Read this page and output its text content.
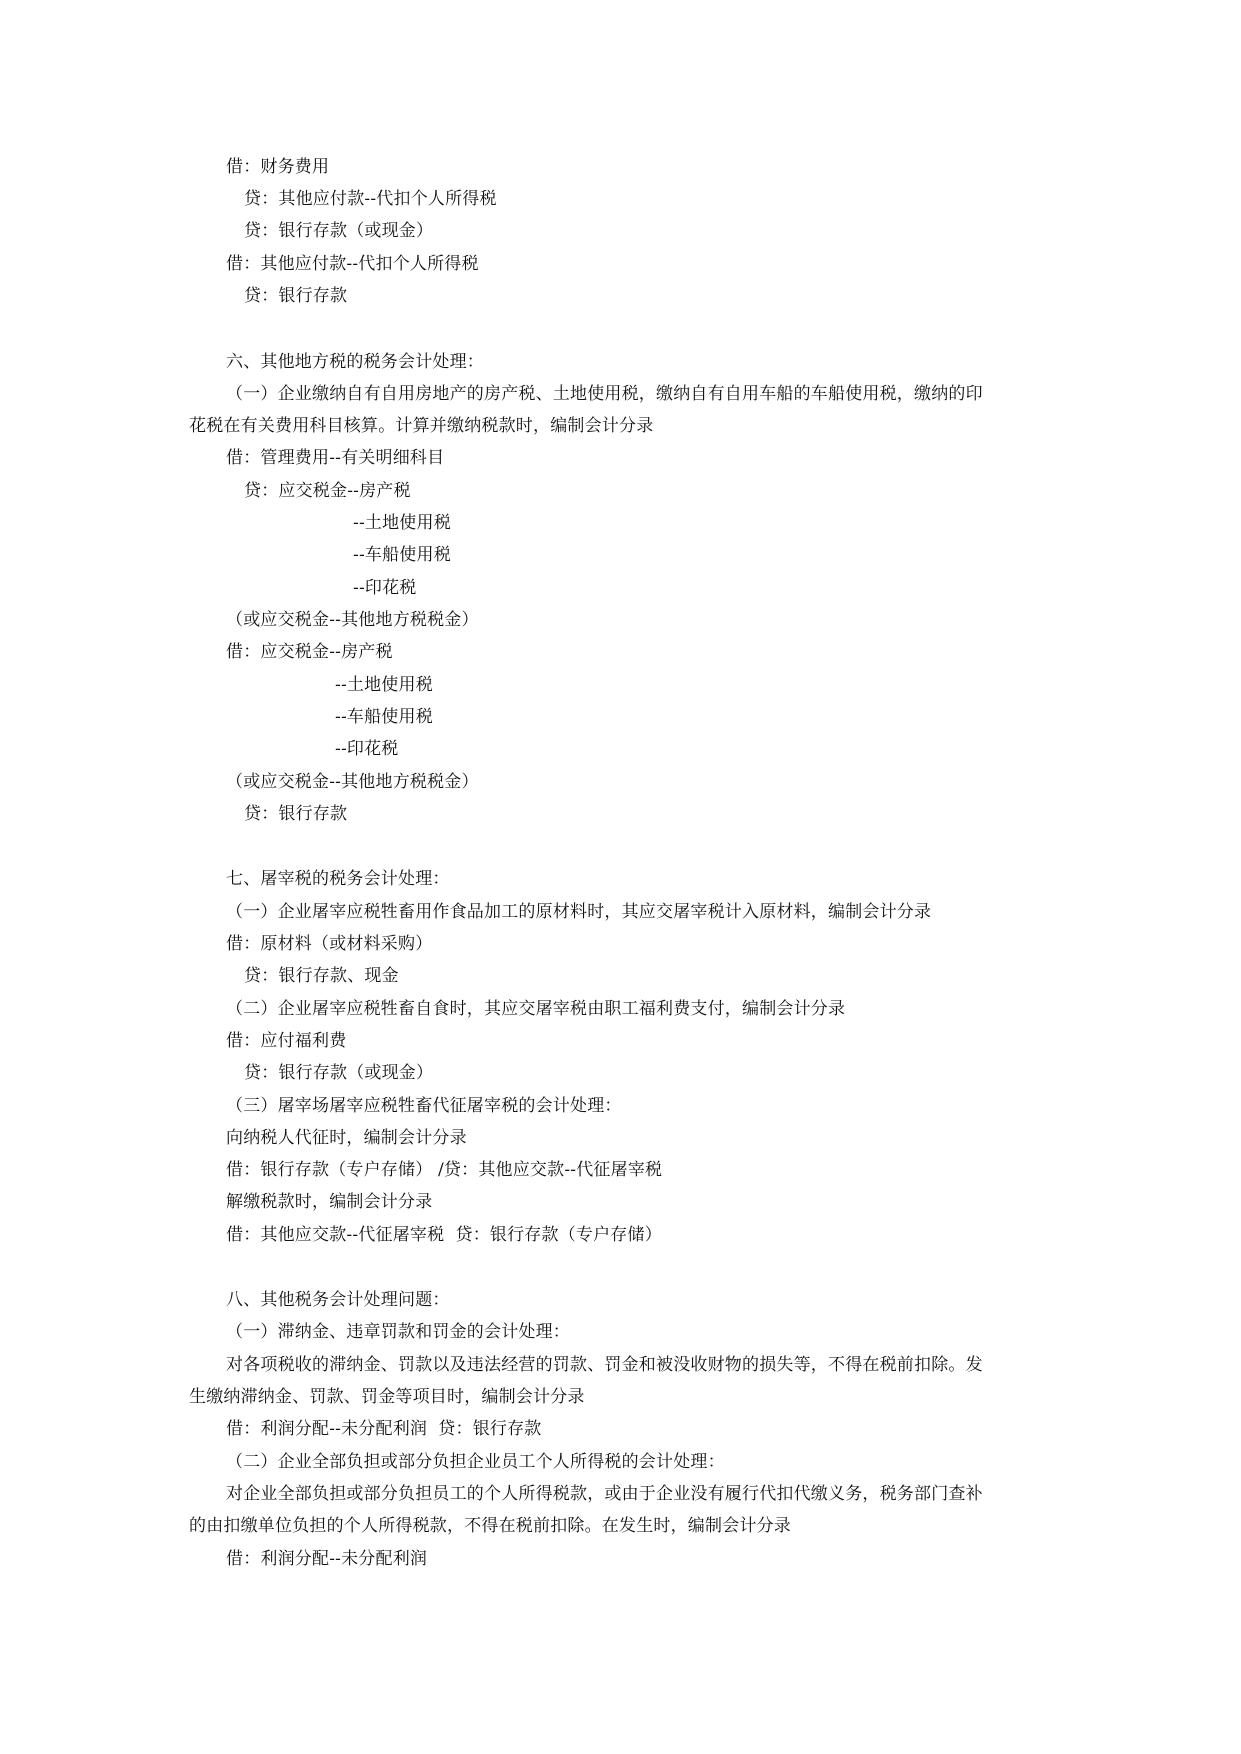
借：财务费用
贷：其他应付款--代扣个人所得税
贷：银行存款（或现金）
借：其他应付款--代扣个人所得税
贷：银行存款
六、其他地方税的税务会计处理：
（一）企业缴纳自有自用房地产的房产税、土地使用税，缴纳自有自用车船的车船使用税，缴纳的印
花税在有关费用科目核算。计算并缴纳税款时，编制会计分录
借：管理费用--有关明细科目
贷：应交税金--房产税
--土地使用税
--车船使用税
--印花税
（或应交税金--其他地方税税金）
借：应交税金--房产税
--土地使用税
--车船使用税
--印花税
（或应交税金--其他地方税税金）
贷：银行存款
七、屠宰税的税务会计处理：
（一）企业屠宰应税牲畜用作食品加工的原材料时，其应交屠宰税计入原材料，编制会计分录
借：原材料（或材料采购）
贷：银行存款、现金
（二）企业屠宰应税牲畜自食时，其应交屠宰税由职工福利费支付，编制会计分录
借：应付福利费
贷：银行存款（或现金）
（三）屠宰场屠宰应税牲畜代征屠宰税的会计处理：
向纳税人代征时，编制会计分录
借：银行存款（专户存储） /贷：其他应交款--代征屠宰税
解缴税款时，编制会计分录
借：其他应交款--代征屠宰税  贷：银行存款（专户存储）
八、其他税务会计处理问题：
（一）滞纳金、违章罚款和罚金的会计处理：
对各项税收的滞纳金、罚款以及违法经营的罚款、罚金和被没收财物的损失等，不得在税前扣除。发
生缴纳滞纳金、罚款、罚金等项目时，编制会计分录
借：利润分配--未分配利润  贷：银行存款
（二）企业全部负担或部分负担企业员工个人所得税的会计处理：
对企业全部负担或部分负担员工的个人所得税款，或由于企业没有履行代扣代缴义务，税务部门查补
的由扣缴单位负担的个人所得税款，不得在税前扣除。在发生时，编制会计分录
借：利润分配--未分配利润
